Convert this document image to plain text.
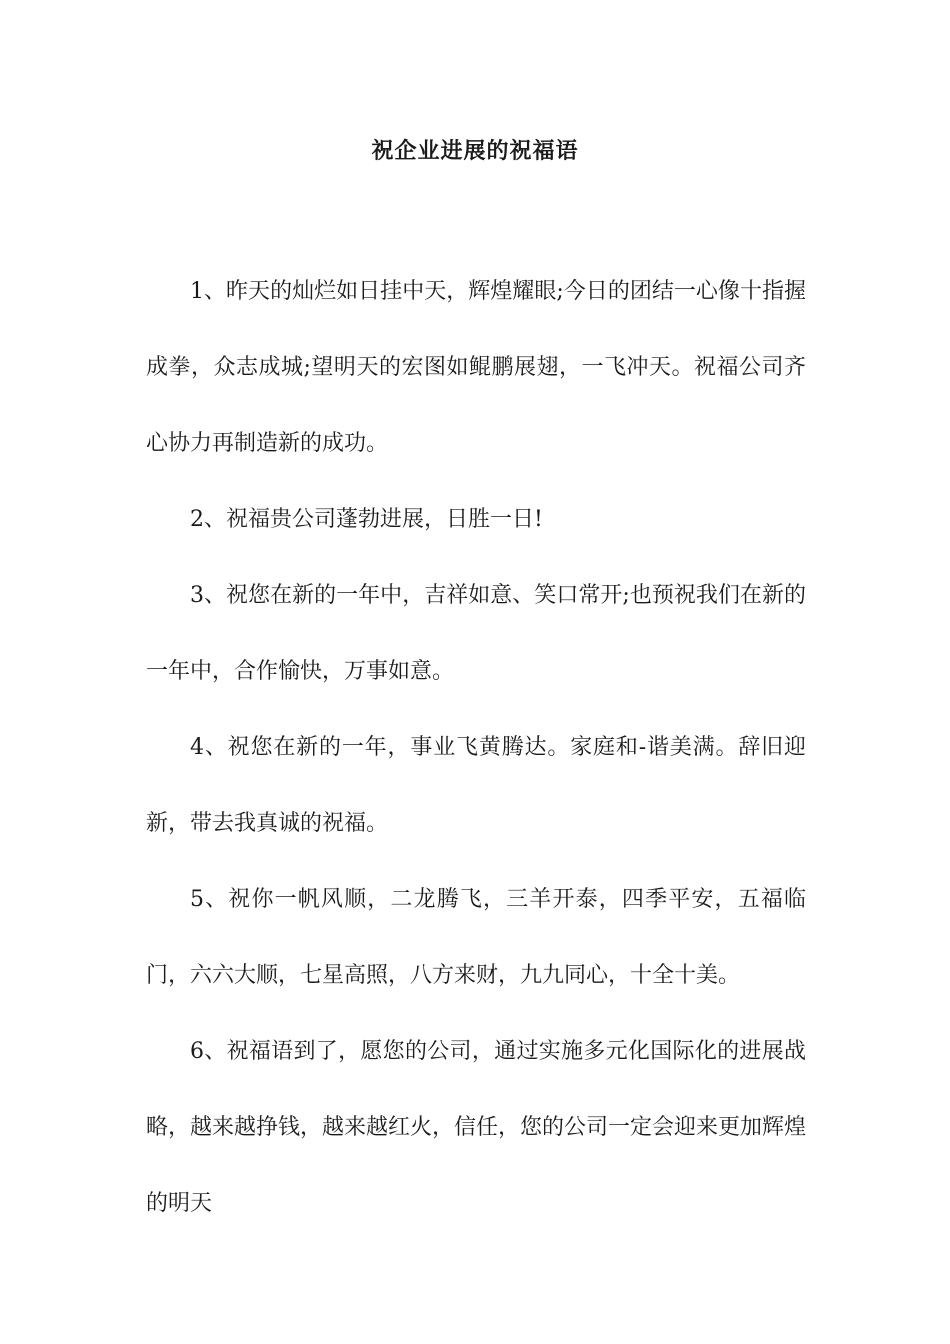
祝企业进展的祝福语

1、昨天的灿烂如日挂中天，辉煌耀眼;今日的团结一心像十指握成拳，众志成城;望明天的宏图如鲲鹏展翅，一飞冲天。祝福公司齐心协力再制造新的成功。

2、祝福贵公司蓬勃进展，日胜一日!

3、祝您在新的一年中，吉祥如意、笑口常开;也预祝我们在新的一年中，合作愉快，万事如意。

4、祝您在新的一年，事业飞黄腾达。家庭和-谐美满。辞旧迎新，带去我真诚的祝福。

5、祝你一帆风顺，二龙腾飞，三羊开泰，四季平安，五福临门，六六大顺，七星高照，八方来财，九九同心，十全十美。

6、祝福语到了，愿您的公司，通过实施多元化国际化的进展战略，越来越挣钱，越来越红火，信任，您的公司一定会迎来更加辉煌的明天
